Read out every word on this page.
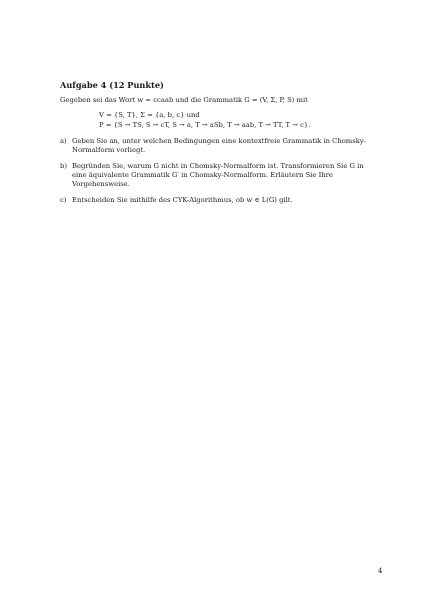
Aufgabe 4 (12 Punkte)
Gegeben sei das Wort w = ccaab und die Grammatik G = (V, Σ, P, S) mit
V = {S, T}, Σ = {a, b, c} und
P = {S → TS, S → cT, S → a, T → aSb, T → aab, T → TT, T → c}.
a) Geben Sie an, unter welchen Bedingungen eine kontextfreie Grammatik in Chomsky-Normalform vorliegt.
b) Begründen Sie, warum G nicht in Chomsky-Normalform ist. Transformieren Sie G in eine äquivalente Grammatik G′ in Chomsky-Normalform. Erläutern Sie Ihre Vorgehensweise.
c) Entscheiden Sie mithilfe des CYK-Algorithmus, ob w ∈ L(G) gilt.
4
